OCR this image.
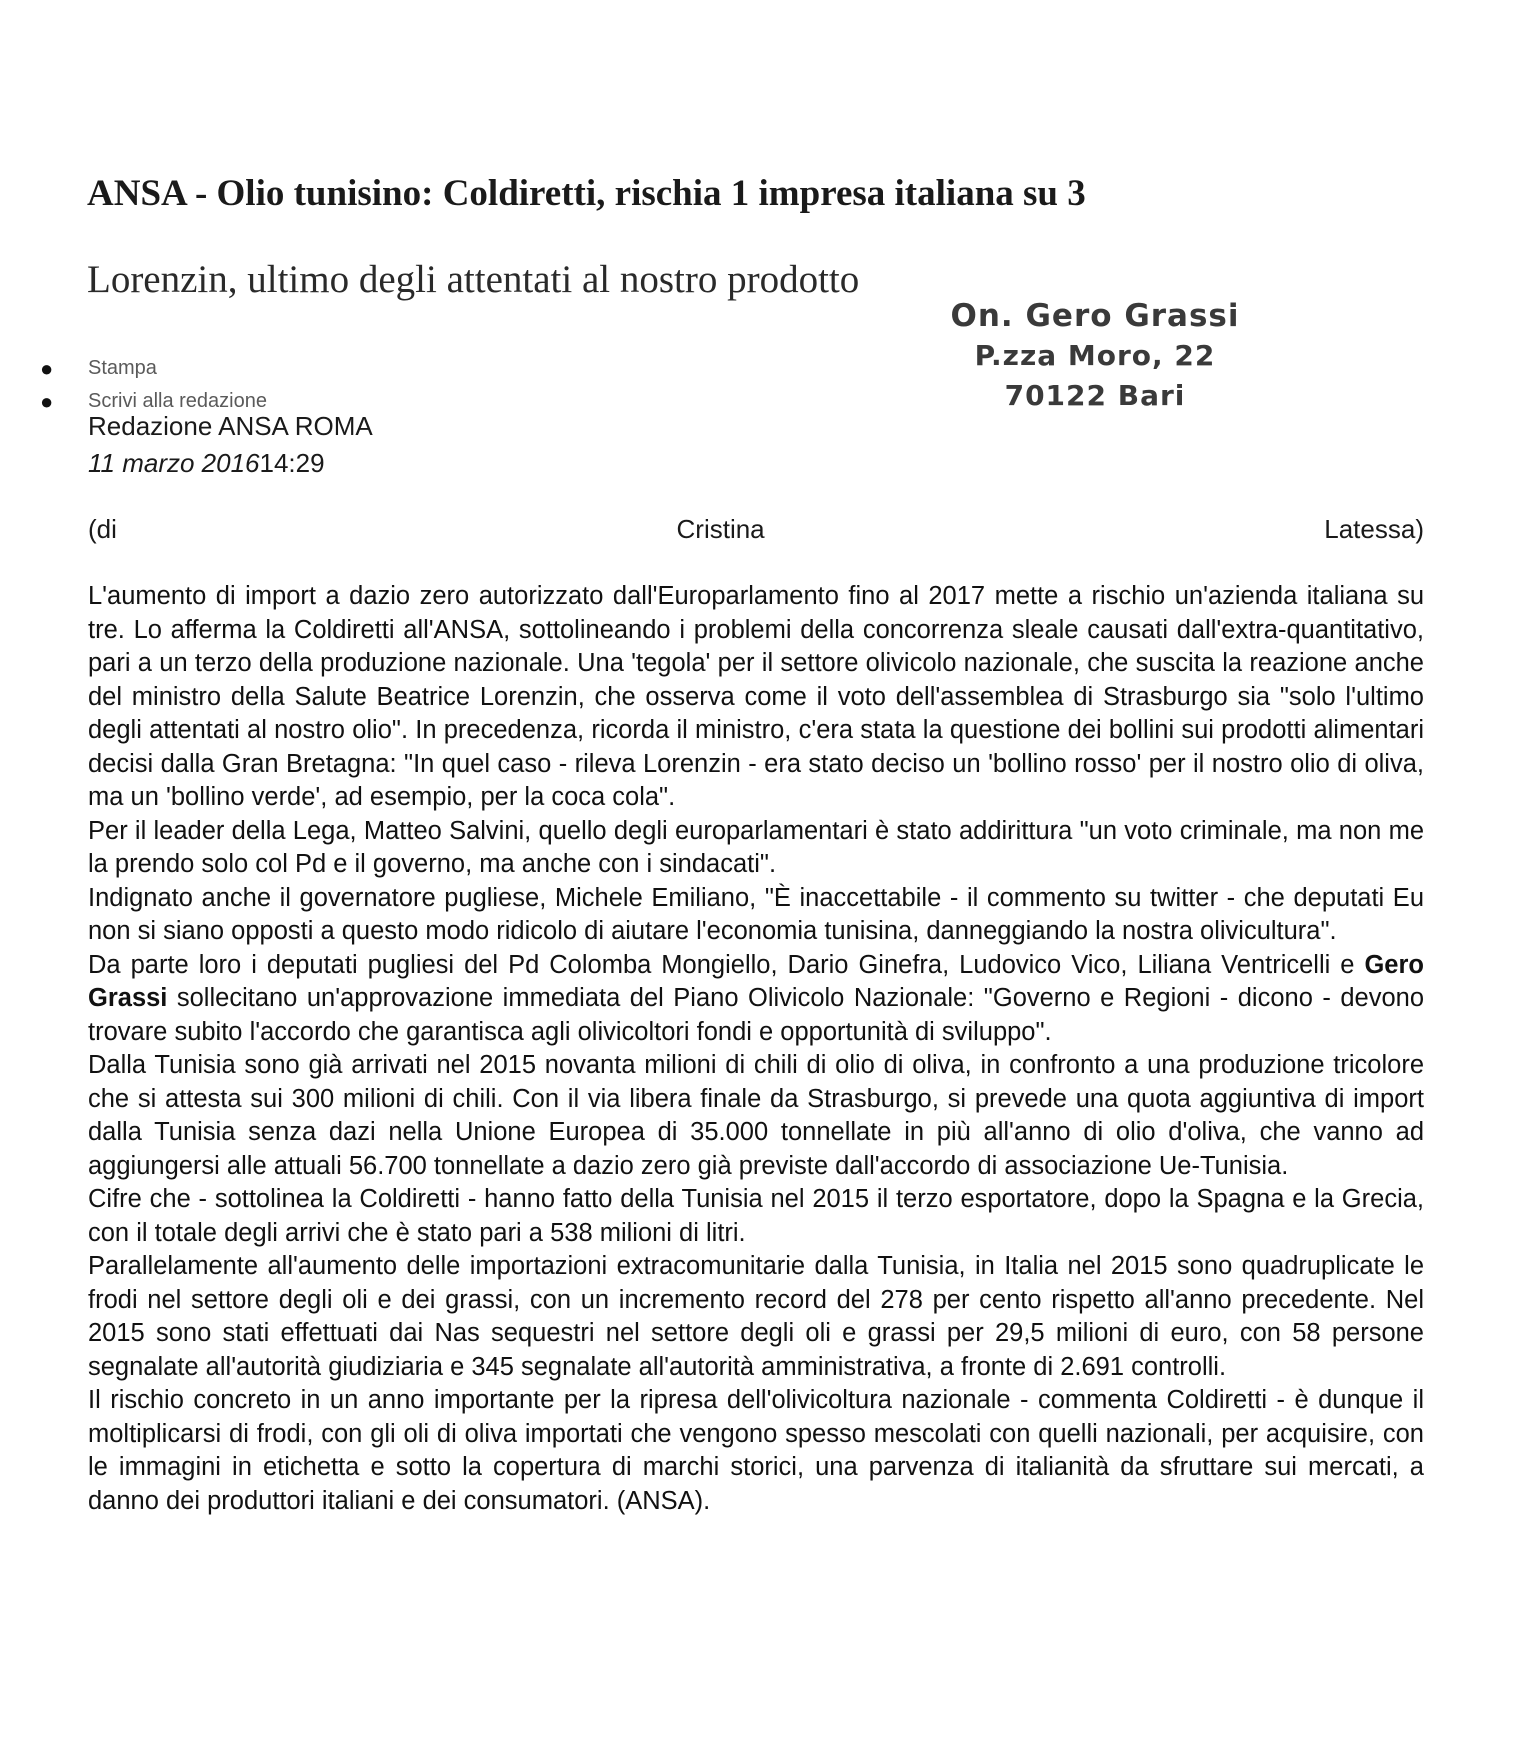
ANSA - Olio tunisino: Coldiretti, rischia 1 impresa italiana su 3
Lorenzin, ultimo degli attentati al nostro prodotto
On. Gero Grassi
P.zza Moro, 22
70122 Bari
● Stampa
● Scrivi alla redazione
Redazione ANSA ROMA
11 marzo 201614:29
(di	Cristina	Latessa)

L'aumento di import a dazio zero autorizzato dall'Europarlamento fino al 2017 mette a rischio un'azienda italiana su tre. Lo afferma la Coldiretti all'ANSA, sottolineando i problemi della concorrenza sleale causati dall'extra-quantitativo, pari a un terzo della produzione nazionale. Una 'tegola' per il settore olivicolo nazionale, che suscita la reazione anche del ministro della Salute Beatrice Lorenzin, che osserva come il voto dell'assemblea di Strasburgo sia "solo l'ultimo degli attentati al nostro olio". In precedenza, ricorda il ministro, c'era stata la questione dei bollini sui prodotti alimentari decisi dalla Gran Bretagna: "In quel caso - rileva Lorenzin - era stato deciso un 'bollino rosso' per il nostro olio di oliva, ma un 'bollino verde', ad esempio, per la coca cola".

Per il leader della Lega, Matteo Salvini, quello degli europarlamentari è stato addirittura "un voto criminale, ma non me la prendo solo col Pd e il governo, ma anche con i sindacati".

Indignato anche il governatore pugliese, Michele Emiliano, "È inaccettabile - il commento su twitter - che deputati Eu non si siano opposti a questo modo ridicolo di aiutare l'economia tunisina, danneggiando la nostra olivicultura".

Da parte loro i deputati pugliesi del Pd Colomba Mongiello, Dario Ginefra, Ludovico Vico, Liliana Ventricelli e Gero Grassi sollecitano un'approvazione immediata del Piano Olivicolo Nazionale: "Governo e Regioni - dicono - devono trovare subito l'accordo che garantisca agli olivicoltori fondi e opportunità di sviluppo".

Dalla Tunisia sono già arrivati nel 2015 novanta milioni di chili di olio di oliva, in confronto a una produzione tricolore che si attesta sui 300 milioni di chili. Con il via libera finale da Strasburgo, si prevede una quota aggiuntiva di import dalla Tunisia senza dazi nella Unione Europea di 35.000 tonnellate in più all'anno di olio d'oliva, che vanno ad aggiungersi alle attuali 56.700 tonnellate a dazio zero già previste dall'accordo di associazione Ue-Tunisia.

Cifre che - sottolinea la Coldiretti - hanno fatto della Tunisia nel 2015 il terzo esportatore, dopo la Spagna e la Grecia, con il totale degli arrivi che è stato pari a 538 milioni di litri.

Parallelamente all'aumento delle importazioni extracomunitarie dalla Tunisia, in Italia nel 2015 sono quadruplicate le frodi nel settore degli oli e dei grassi, con un incremento record del 278 per cento rispetto all'anno precedente. Nel 2015 sono stati effettuati dai Nas sequestri nel settore degli oli e grassi per 29,5 milioni di euro, con 58 persone segnalate all'autorità giudiziaria e 345 segnalate all'autorità amministrativa, a fronte di 2.691 controlli.

Il rischio concreto in un anno importante per la ripresa dell'olivicoltura nazionale - commenta Coldiretti - è dunque il moltiplicarsi di frodi, con gli oli di oliva importati che vengono spesso mescolati con quelli nazionali, per acquisire, con le immagini in etichetta e sotto la copertura di marchi storici, una parvenza di italianità da sfruttare sui mercati, a danno dei produttori italiani e dei consumatori. (ANSA).
